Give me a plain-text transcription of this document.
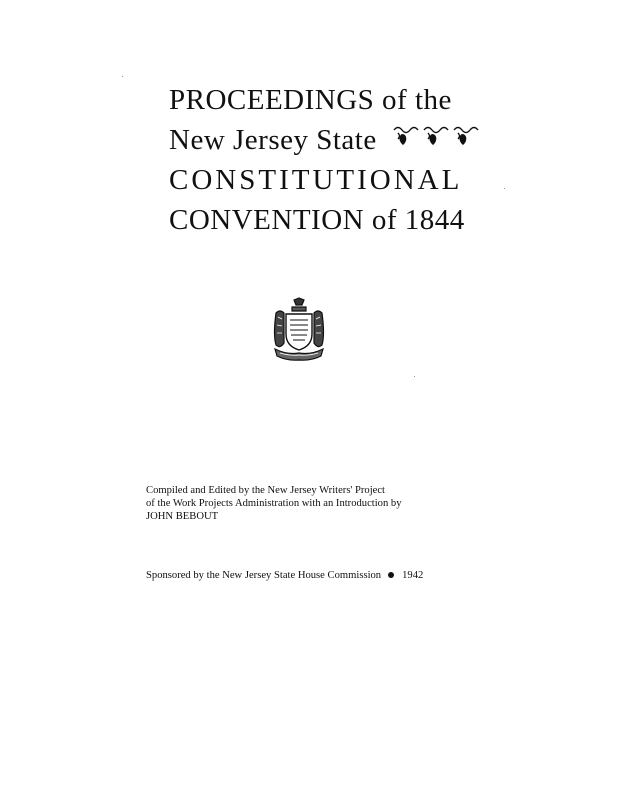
PROCEEDINGS of the
New Jersey State
CONSTITUTIONAL
CONVENTION of 1844
Compiled and Edited by the New Jersey Writers' Project
of the Work Projects Administration with an Introduction by
JOHN BEBOUT
Sponsored by the New Jersey State House Commission 1942
